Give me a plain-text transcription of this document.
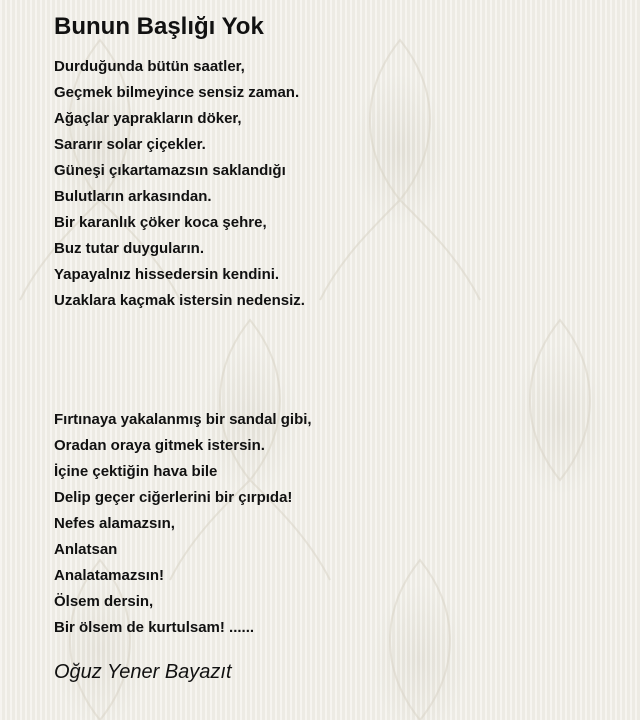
Bunun Başlığı Yok
Durduğunda bütün saatler,
Geçmek bilmeyince sensiz zaman.
Ağaçlar yaprakların döker,
Sararır solar çiçekler.
Güneşi çıkartamazsın saklandığı
Bulutların arkasından.
Bir karanlık çöker koca şehre,
Buz tutar duyguların.
Yapayalnız hissedersin kendini.
Uzaklara kaçmak istersin nedensiz.
Fırtınaya yakalanmış bir sandal gibi,
Oradan oraya gitmek istersin.
İçine çektiğin hava bile
Delip geçer ciğerlerini bir çırpıda!
Nefes alamazsın,
Anlatsan
Analatamazsın!
Ölsem dersin,
Bir ölsem de kurtulsam! ......
Oğuz Yener Bayazıt
